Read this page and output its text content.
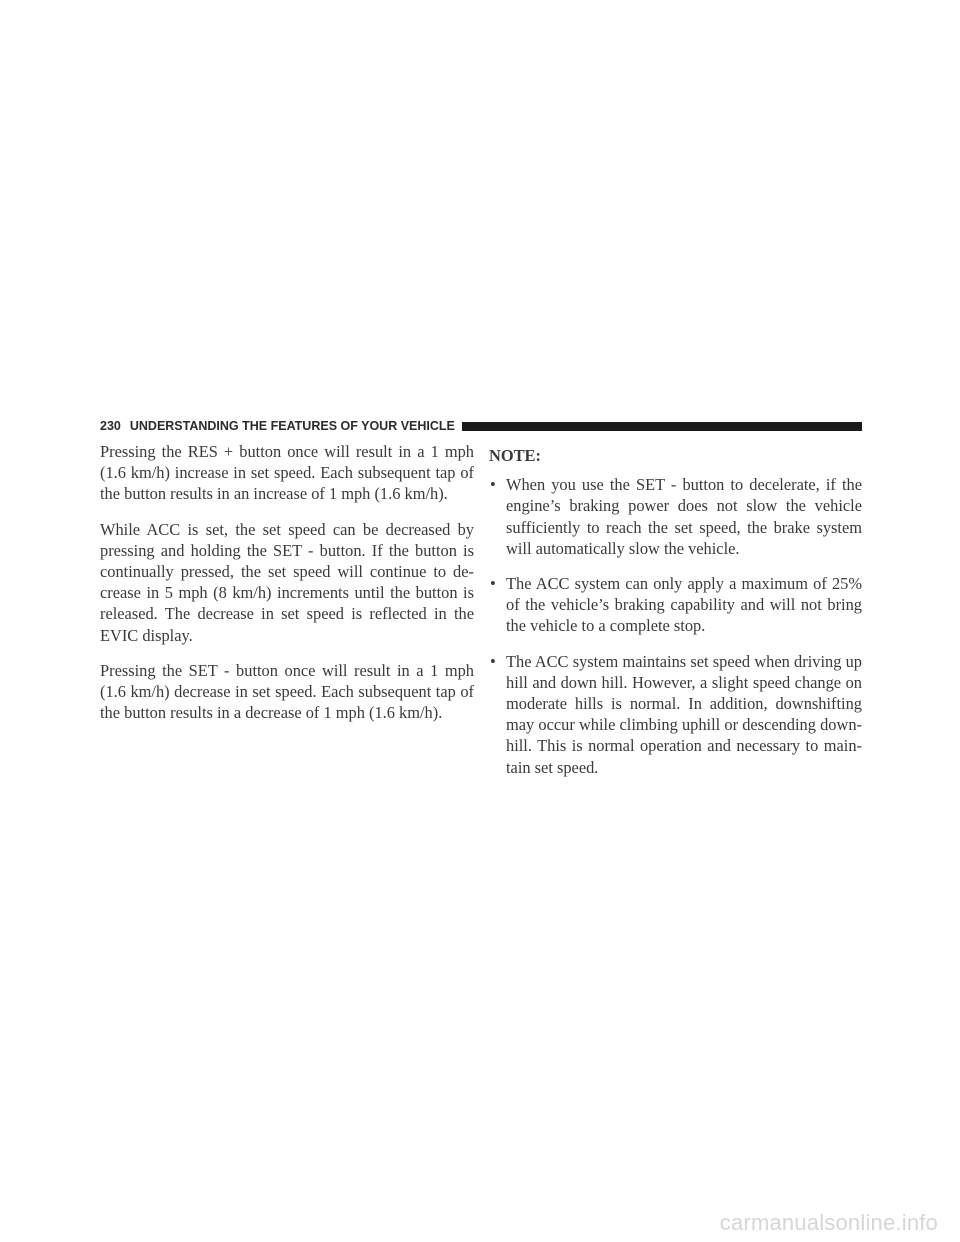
230 UNDERSTANDING THE FEATURES OF YOUR VEHICLE

Pressing the RES + button once will result in a 1 mph (1.6 km/h) increase in set speed. Each subsequent tap of the button results in an increase of 1 mph (1.6 km/h).

While ACC is set, the set speed can be decreased by pressing and holding the SET - button. If the button is continually pressed, the set speed will continue to de-crease in 5 mph (8 km/h) increments until the button is released. The decrease in set speed is reflected in the EVIC display.

Pressing the SET - button once will result in a 1 mph (1.6 km/h) decrease in set speed. Each subsequent tap of the button results in a decrease of 1 mph (1.6 km/h).

NOTE:

• When you use the SET - button to decelerate, if the engine’s braking power does not slow the vehicle sufficiently to reach the set speed, the brake system will automatically slow the vehicle.
• The ACC system can only apply a maximum of 25% of the vehicle’s braking capability and will not bring the vehicle to a complete stop.
• The ACC system maintains set speed when driving up hill and down hill. However, a slight speed change on moderate hills is normal. In addition, downshifting may occur while climbing uphill or descending down-hill. This is normal operation and necessary to main-tain set speed.
carmanualsonline.info
